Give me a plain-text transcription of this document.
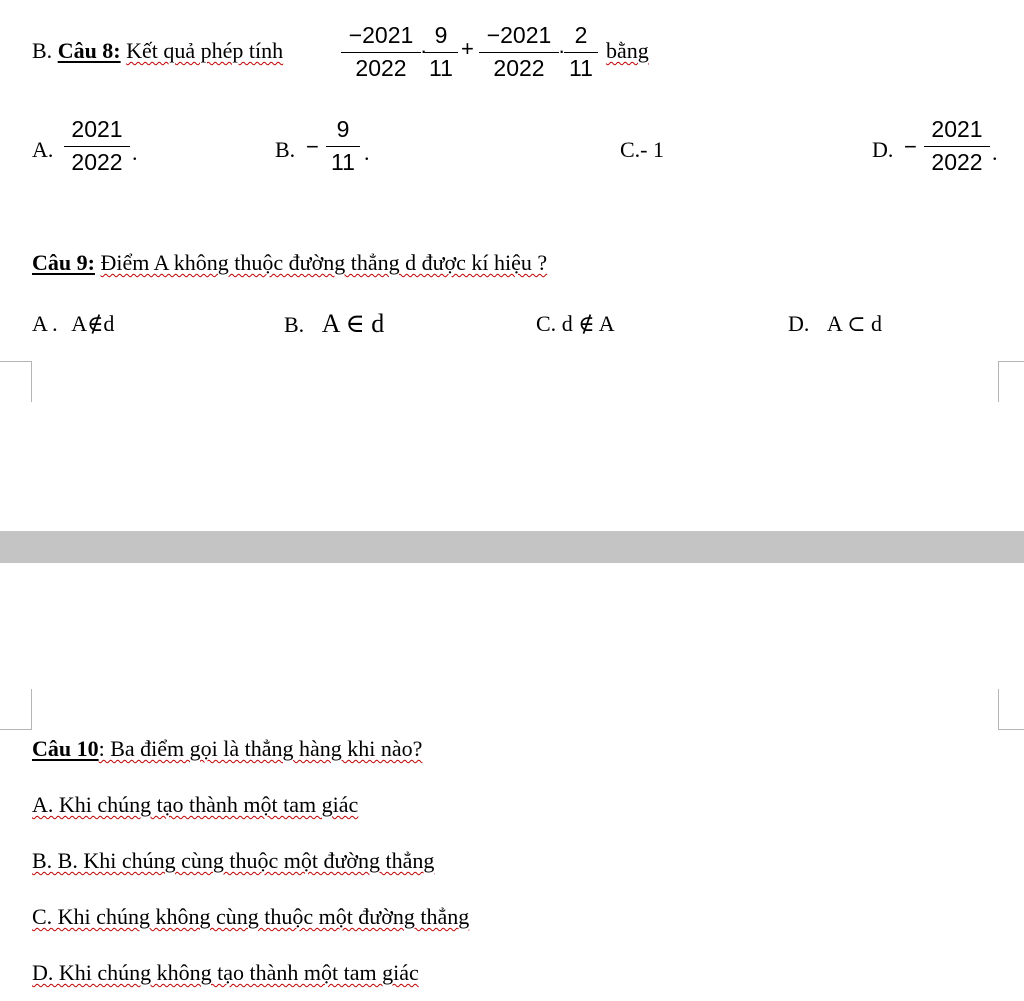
B. Câu 8: Kết quả phép tính
−2021
2022
·
9
11
+
−2021
2022
·
2
11
bằng
A.
2021
2022 .	B. −
9
11 .	C.- 1	D. −
2021
2022 .
Câu 9: Điểm A không thuộc đường thẳng d được kí hiệu ?
A . A∉d	B. A ∈ d	C. d ∉ A	D. A ⊂ d
Câu 10: Ba điểm gọi là thẳng hàng khi nào?
A. Khi chúng tạo thành một tam giác
B. B. Khi chúng cùng thuộc một đường thẳng
C. Khi chúng không cùng thuộc một đường thẳng
D. Khi chúng không tạo thành một tam giác
